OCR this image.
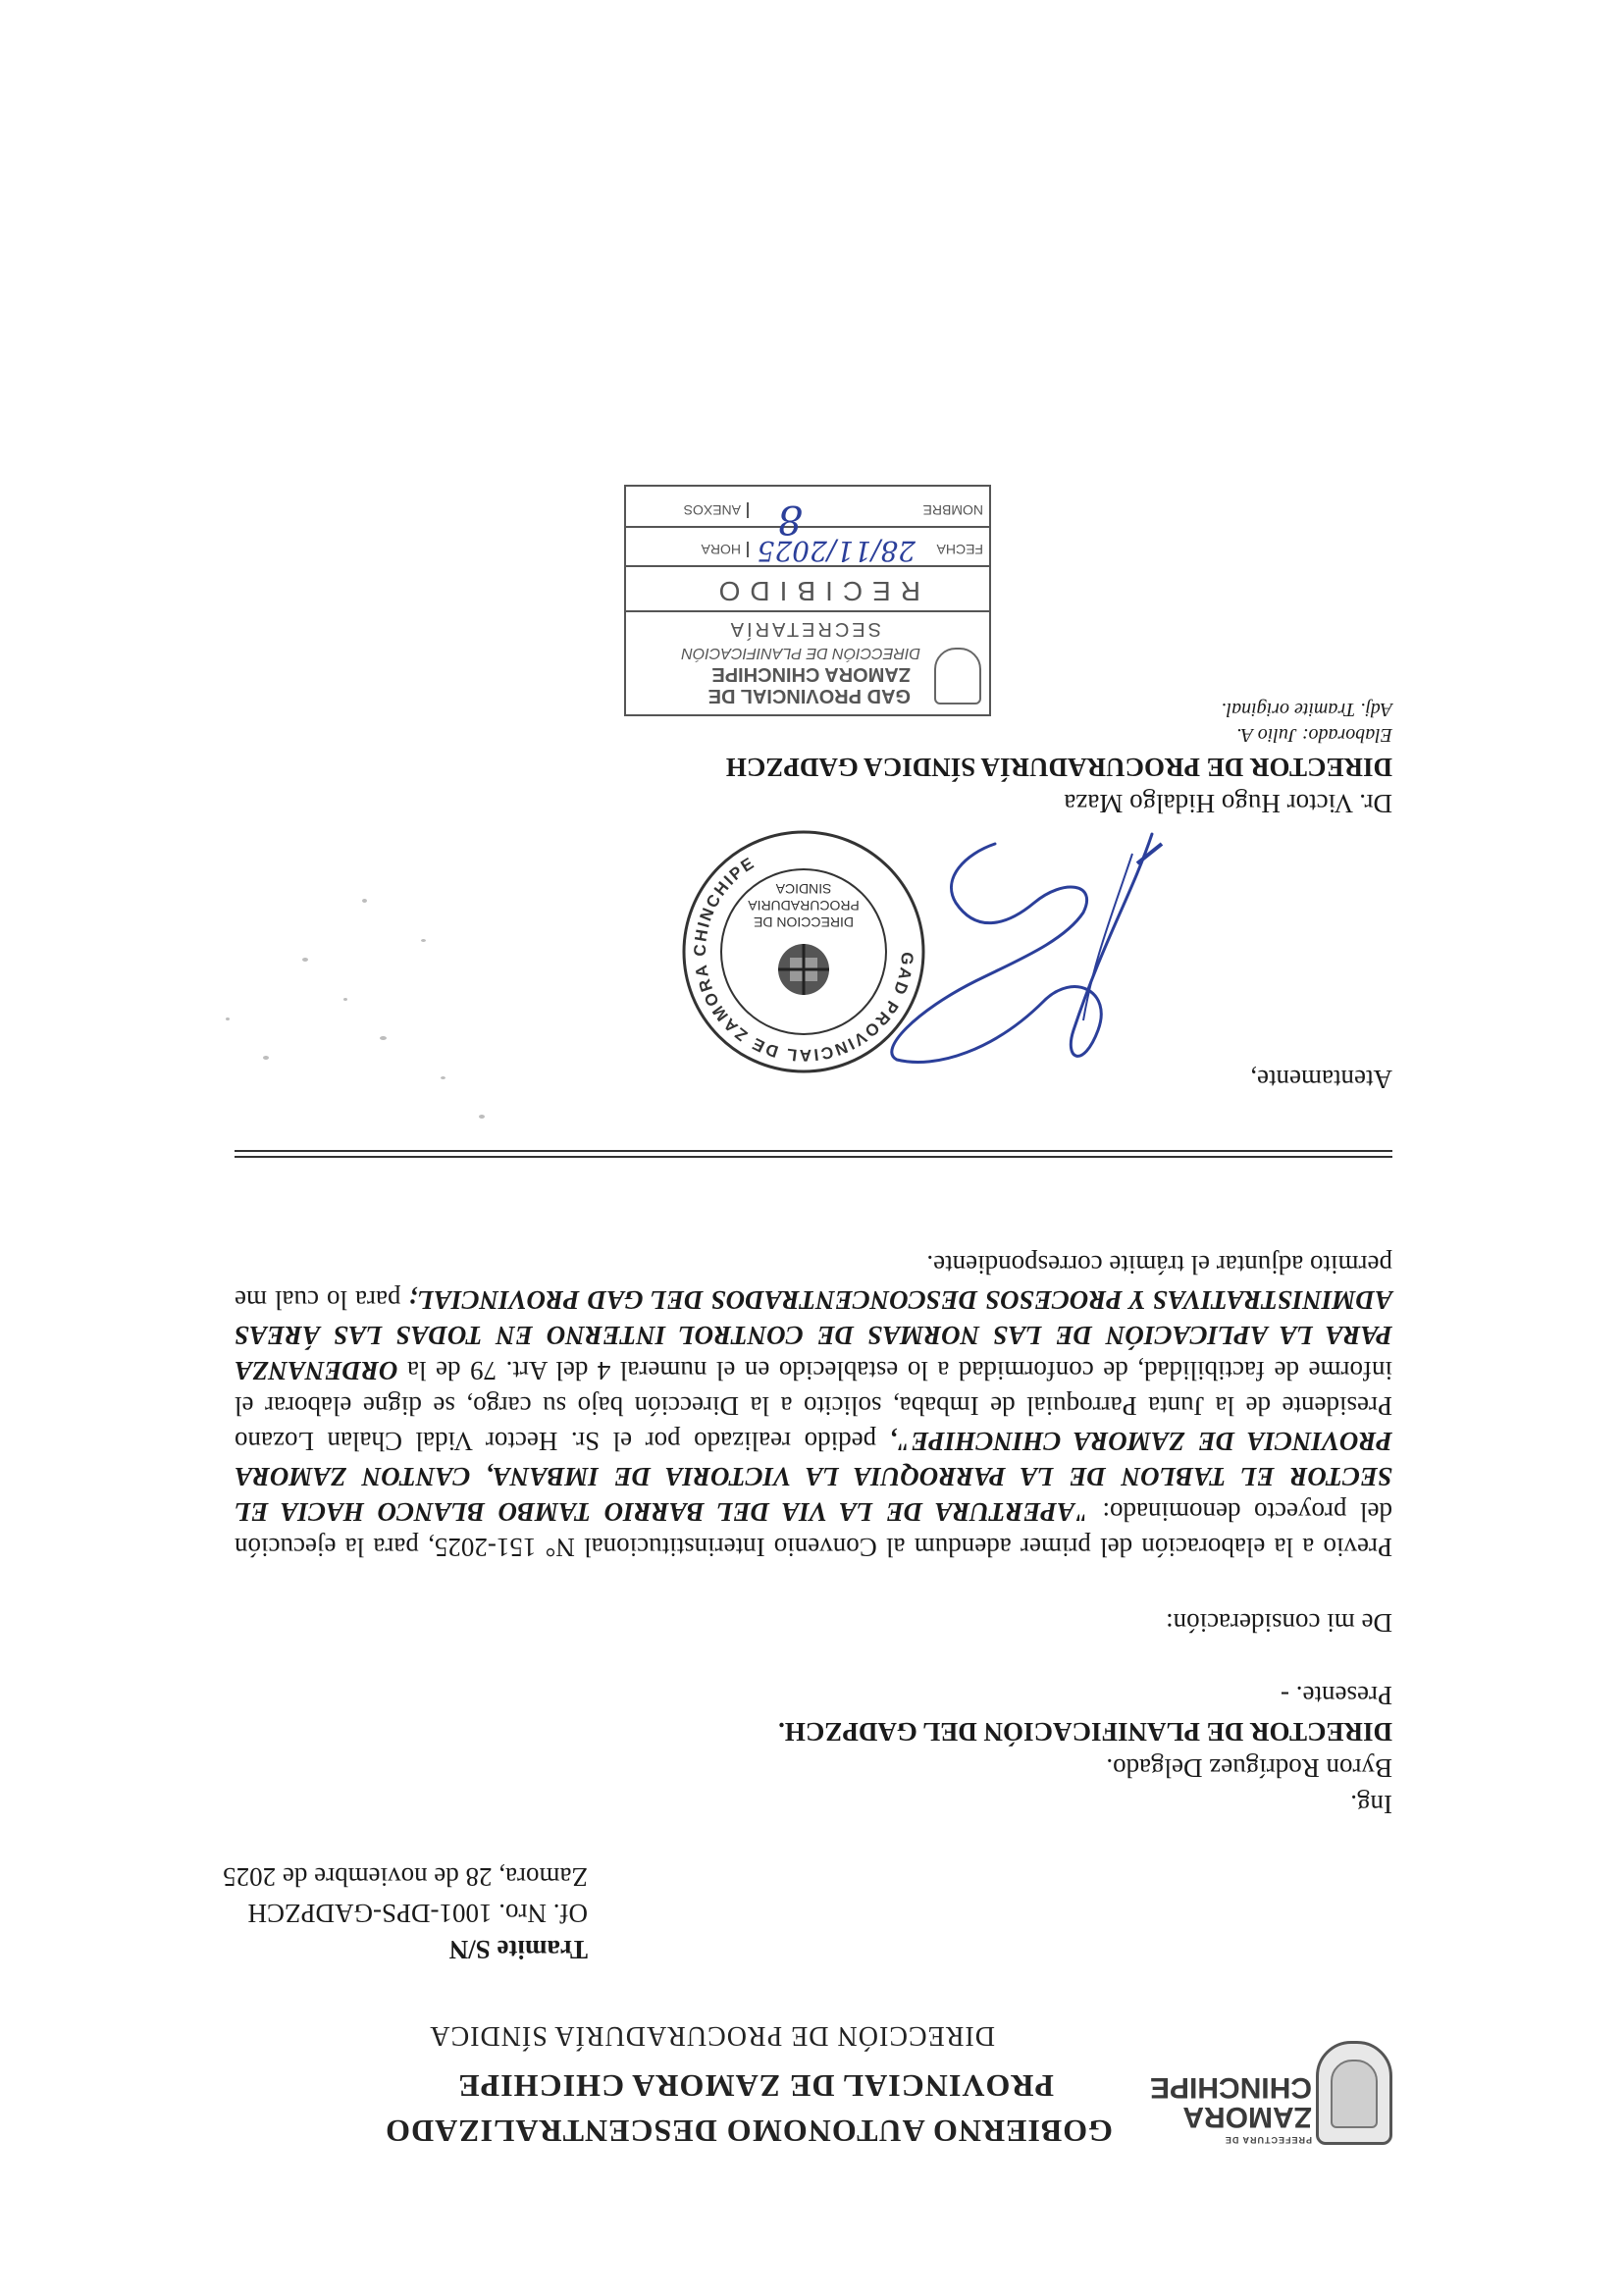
PREFECTURA DE
ZAMORA
CHINCHIPE
GOBIERNO AUTONOMO DESCENTRALIZADO
PROVINCIAL DE ZAMORA CHICHIPE
DIRECCIÓN DE PROCURADURÍA SÍNDICA
Tramite S/N
Of. Nro. 1001-DPS-GADPZCH
Zamora, 28 de noviembre de 2025
Ing.
Byron Rodríguez Delgado.
DIRECTOR DE PLANIFICACIÓN DEL GADPZCH.
Presente. -
De mi consideración:
Previo a la elaboración del primer adendum al Convenio Interinstitucional N° 151-2025, para la ejecución del proyecto denominado: "APERTURA DE LA VIA DEL BARRIO TAMBO BLANCO HACIA EL SECTOR EL TABLON DE LA PARROQUIA LA VICTORIA DE IMBANA, CANTON ZAMORA PROVINCIA DE ZAMORA CHINCHIPE", pedido realizado por el Sr. Hector Vidal Chalan Lozano Presidente de la Junta Parroquial de Imbaba, solicito a la Dirección bajo su cargo, se digne elaborar el informe de factibilidad, de conformidad a lo establecido en el numeral 4 del Art. 79 de la ORDENANZA PARA LA APLICACIÓN DE LAS NORMAS DE CONTROL INTERNO EN TODAS LAS ÁREAS ADMINISTRATIVAS Y PROCESOS DESCONCENTRADOS DEL GAD PROVINCIAL; para lo cual me permito adjuntar el trámite correspondiente.
Atentamente,
GAD PROVINCIAL DE ZAMORA CHINCHIPE
DIRECCION DE
PROCURADURIA
SINDICA
Dr. Victor Hugo Hidalgo Maza
DIRECTOR DE PROCURADURÍA SÍNDICA GADPZCH
Elaborado: Julio A.
Adj. Tramite original.
GAD PROVINCIAL DE
ZAMORA CHINCHIPE
DIRECCIÓN DE PLANIFICACIÓN
SECRETARÍA
RECIBIDO
FECHA
28/11/2025
HORA
NOMBRE
ANEXOS 8
